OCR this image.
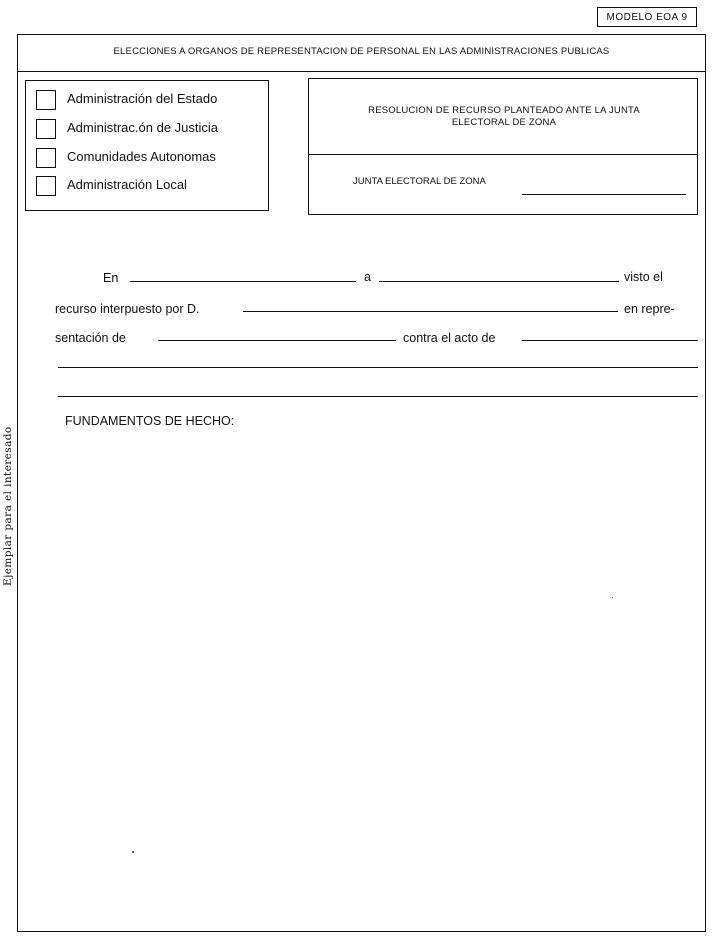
MODELO EOA 9
ELECCIONES A ORGANOS DE REPRESENTACION DE PERSONAL EN LAS ADMINISTRACIONES PUBLICAS
Administración del Estado
Administrac.ón de Justicia
Comunidades Autonomas
Administración Local
RESOLUCION DE RECURSO PLANTEADO ANTE LA JUNTA
ELECTORAL DE ZONA
JUNTA ELECTORAL DE ZONA
En	a	visto el
recurso interpuesto por D.	en repre-
sentación de	contra el acto de
FUNDAMENTOS DE HECHO:
Ejemplar para el interesado
